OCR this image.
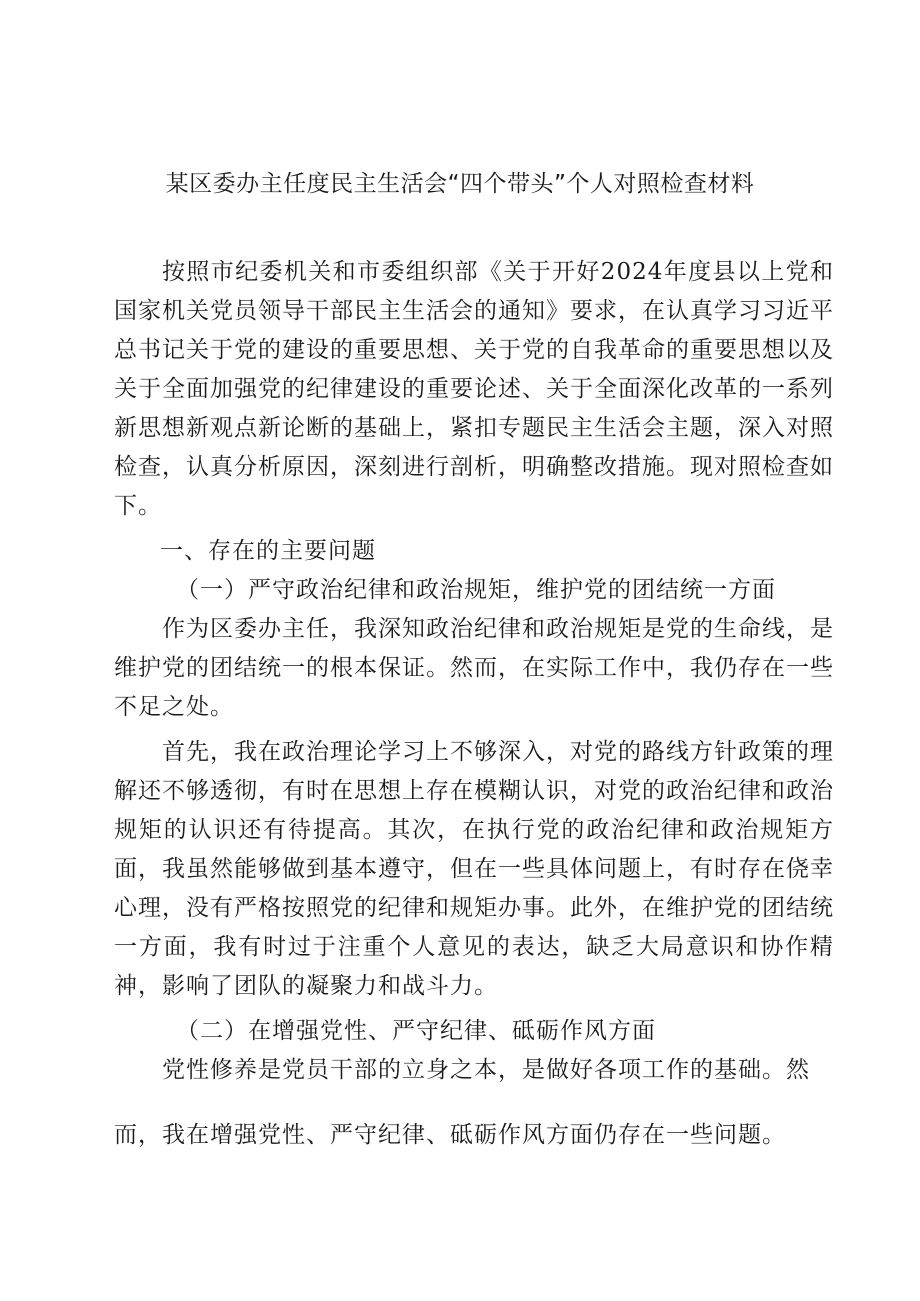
某区委办主任度民主生活会“四个带头”个人对照检查材料

按照市纪委机关和市委组织部《关于开好2024年度县以上党和国家机关党员领导干部民主生活会的通知》要求，在认真学习习近平总书记关于党的建设的重要思想、关于党的自我革命的重要思想以及关于全面加强党的纪律建设的重要论述、关于全面深化改革的一系列新思想新观点新论断的基础上，紧扣专题民主生活会主题，深入对照检查，认真分析原因，深刻进行剖析，明确整改措施。现对照检查如下。

一、存在的主要问题

（一）严守政治纪律和政治规矩，维护党的团结统一方面

作为区委办主任，我深知政治纪律和政治规矩是党的生命线，是维护党的团结统一的根本保证。然而，在实际工作中，我仍存在一些不足之处。

首先，我在政治理论学习上不够深入，对党的路线方针政策的理解还不够透彻，有时在思想上存在模糊认识，对党的政治纪律和政治规矩的认识还有待提高。其次，在执行党的政治纪律和政治规矩方面，我虽然能够做到基本遵守，但在一些具体问题上，有时存在侥幸心理，没有严格按照党的纪律和规矩办事。此外，在维护党的团结统一方面，我有时过于注重个人意见的表达，缺乏大局意识和协作精神，影响了团队的凝聚力和战斗力。

（二）在增强党性、严守纪律、砥砺作风方面

党性修养是党员干部的立身之本，是做好各项工作的基础。然

而，我在增强党性、严守纪律、砥砺作风方面仍存在一些问题。
